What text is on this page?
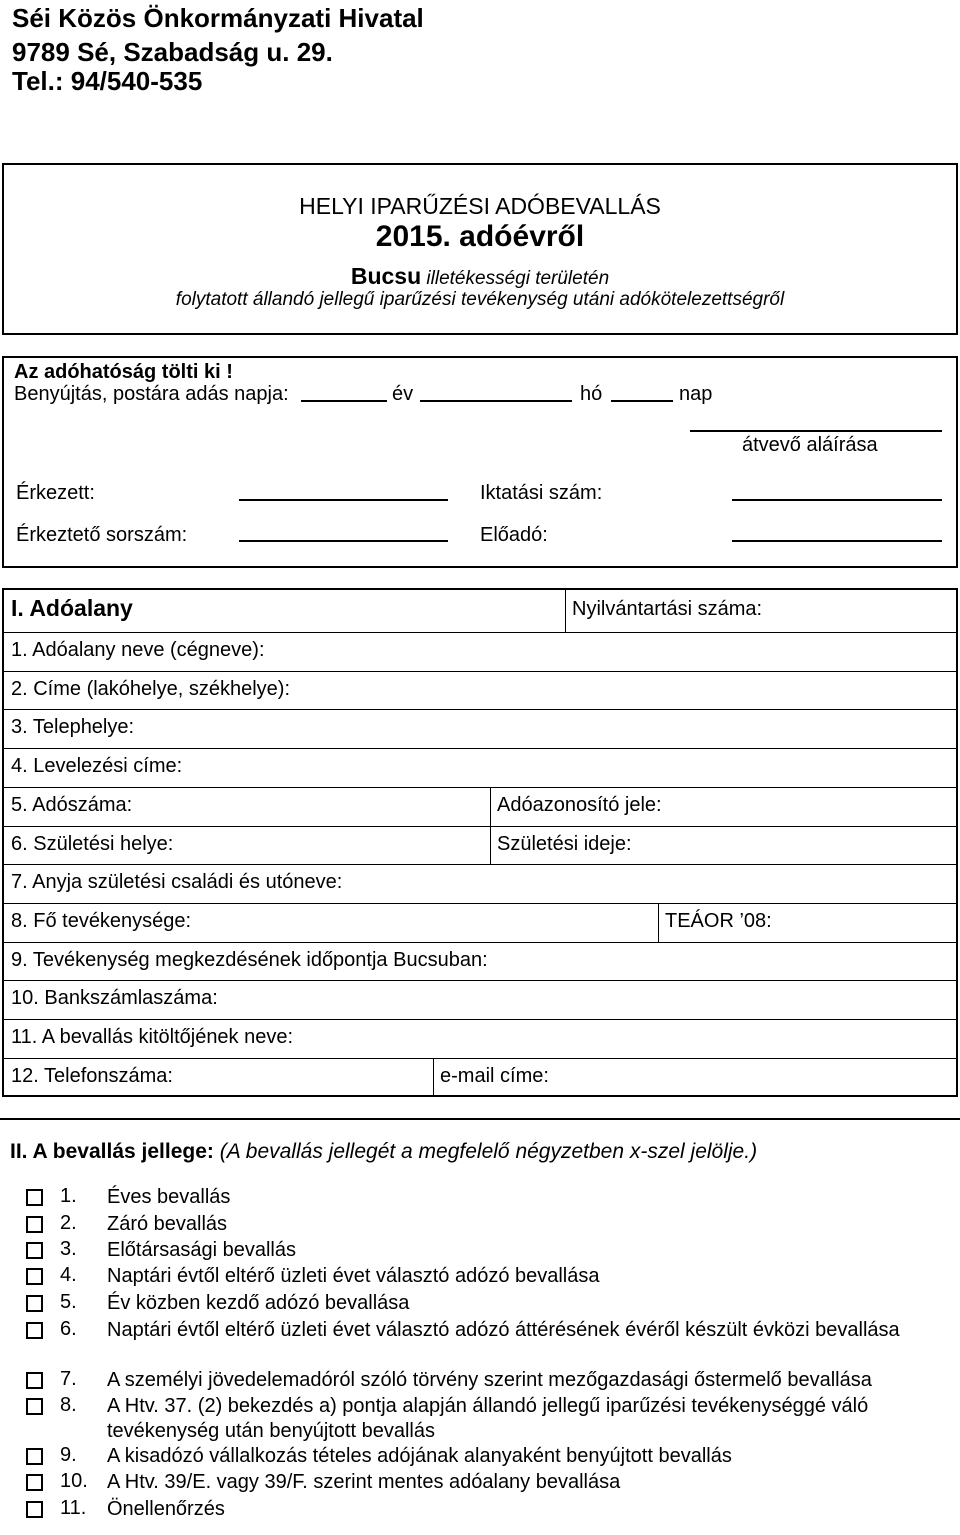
Séi Közös Önkormányzati Hivatal
9789 Sé, Szabadság u. 29.
Tel.: 94/540-535
HELYI IPARŰZÉSI ADÓBEVALLÁS
2015. adóévről
Bucsu illetékességi területén
folytatott állandó jellegű iparűzési tevékenység utáni adókötelezettségről
Az adóhatóság tölti ki !
Benyújtás, postára adás napja:	év	hó	nap
átvevő aláírása
Érkezett:	Iktatási szám:
Érkeztető sorszám:	Előadó:
I. Adóalany	Nyilvántartási száma:
1. Adóalany neve (cégneve):
2. Címe (lakóhelye, székhelye):
3. Telephelye:
4. Levelezési címe:
5. Adószáma:	Adóazonosító jele:
6. Születési helye:	Születési ideje:
7. Anyja születési családi és utóneve:
8. Fő tevékenysége:	TEÁOR ’08:
9. Tevékenység megkezdésének időpontja Bucsuban:
10. Bankszámlaszáma:
11. A bevallás kitöltőjének neve:
12. Telefonszáma:	e-mail címe:
II. A bevallás jellege: (A bevallás jellegét a megfelelő négyzetben x-szel jelölje.)
1. Éves bevallás
2. Záró bevallás
3. Előtársasági bevallás
4. Naptári évtől eltérő üzleti évet választó adózó bevallása
5. Év közben kezdő adózó bevallása
6. Naptári évtől eltérő üzleti évet választó adózó áttérésének évéről készült évközi bevallása
7. A személyi jövedelemadóról szóló törvény szerint mezőgazdasági őstermelő bevallása
8. A Htv. 37. (2) bekezdés a) pontja alapján állandó jellegű iparűzési tevékenységgé váló tevékenység után benyújtott bevallás
9. A kisadózó vállalkozás tételes adójának alanyaként benyújtott bevallás
10. A Htv. 39/E. vagy 39/F. szerint mentes adóalany bevallása
11. Önellenőrzés
